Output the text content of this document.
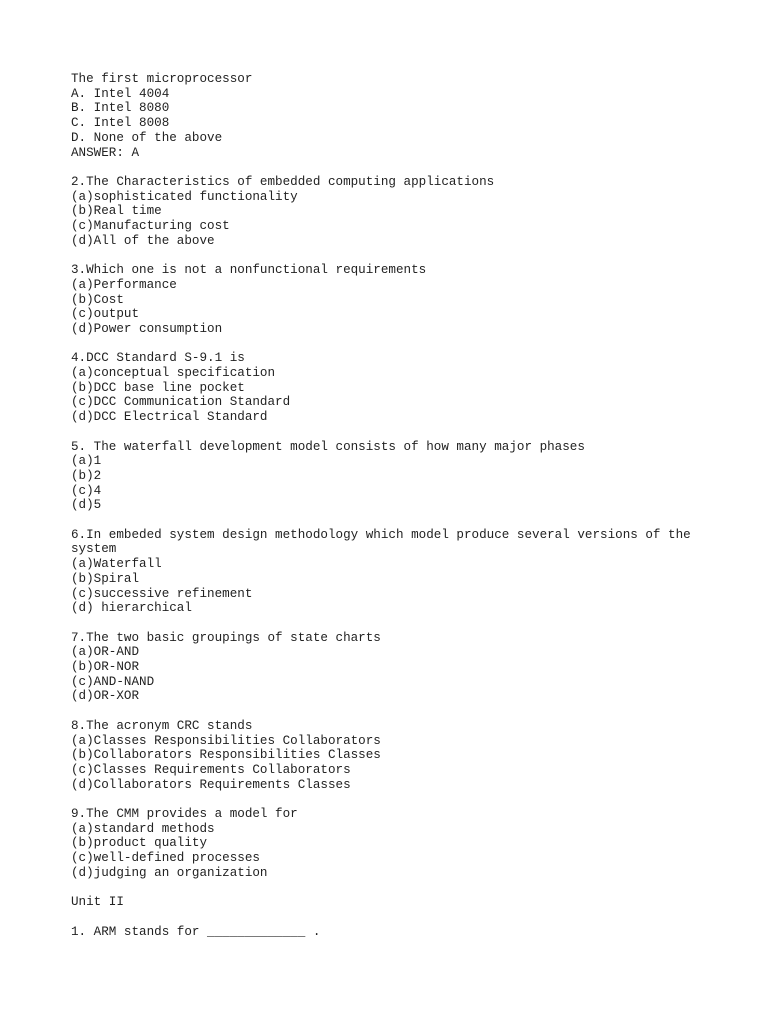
The first microprocessor
A. Intel 4004
B. Intel 8080
C. Intel 8008
D. None of the above
ANSWER: A
2.The Characteristics of embedded computing applications
(a)sophisticated functionality
(b)Real time
(c)Manufacturing cost
(d)All of the above
3.Which one is not a nonfunctional requirements
(a)Performance
(b)Cost
(c)output
(d)Power consumption
4.DCC Standard S-9.1 is
(a)conceptual specification
(b)DCC base line pocket
(c)DCC Communication Standard
(d)DCC Electrical Standard
5. The waterfall development model consists of how many major phases
(a)1
(b)2
(c)4
(d)5
6.In embeded system design methodology which model produce several versions of the system
(a)Waterfall
(b)Spiral
(c)successive refinement
(d) hierarchical
7.The two basic groupings of state charts
(a)OR-AND
(b)OR-NOR
(c)AND-NAND
(d)OR-XOR
8.The acronym CRC stands
(a)Classes Responsibilities Collaborators
(b)Collaborators Responsibilities Classes
(c)Classes Requirements Collaborators
(d)Collaborators Requirements Classes
9.The CMM provides a model for
(a)standard methods
(b)product quality
(c)well-defined processes
(d)judging an organization
Unit II
1. ARM stands for _____________ .
